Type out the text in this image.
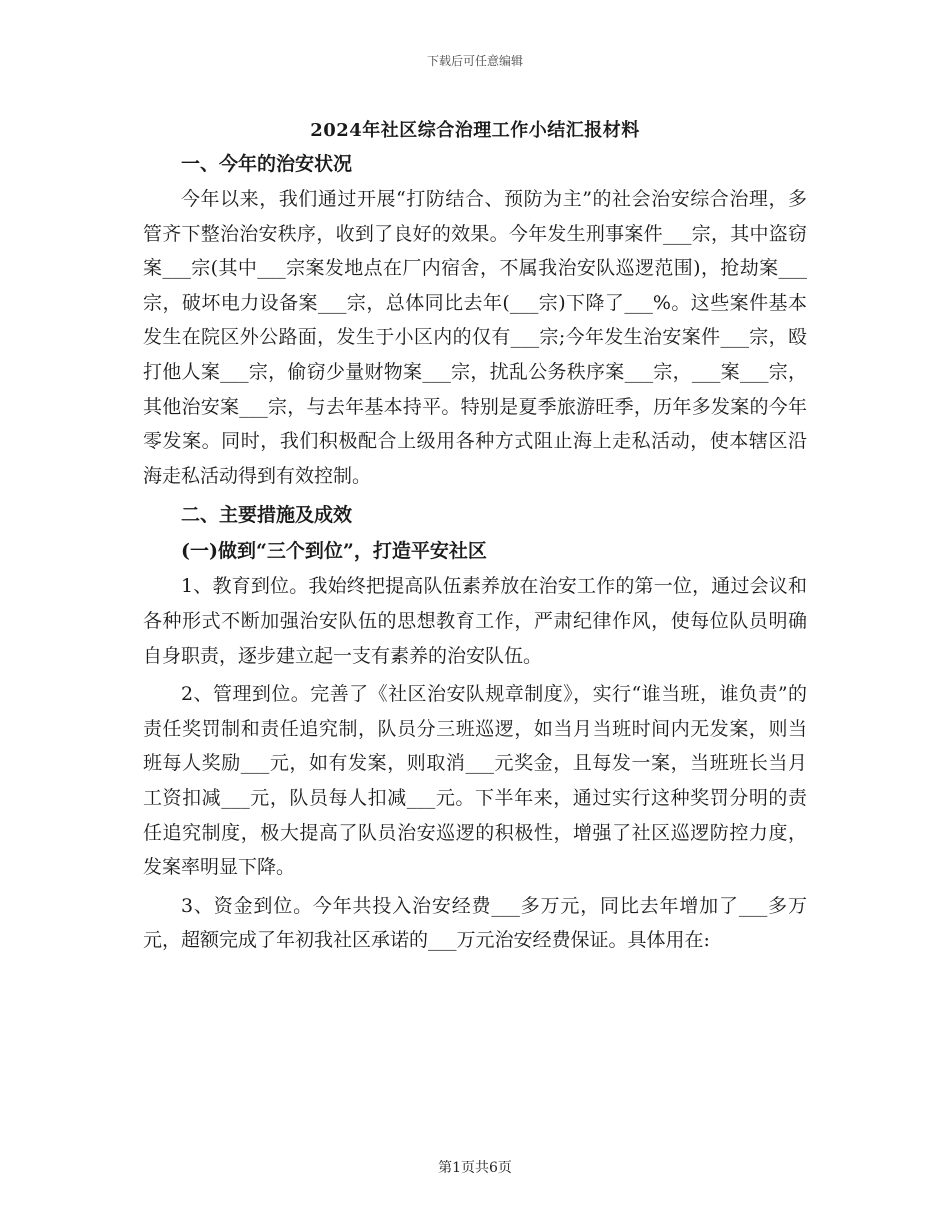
下载后可任意编辑
2024年社区综合治理工作小结汇报材料
一、今年的治安状况

今年以来，我们通过开展“打防结合、预防为主”的社会治安综合治理，多管齐下整治治安秩序，收到了良好的效果。今年发生刑事案件___宗，其中盗窃案___宗(其中___宗案发地点在厂内宿舍，不属我治安队巡逻范围)，抢劫案___宗，破坏电力设备案___宗，总体同比去年(___宗)下降了___%。这些案件基本发生在院区外公路面，发生于小区内的仅有___宗;今年发生治安案件___宗，殴打他人案___宗，偷窃少量财物案___宗，扰乱公务秩序案___宗，___案___宗，其他治安案___宗，与去年基本持平。特别是夏季旅游旺季，历年多发案的今年零发案。同时，我们积极配合上级用各种方式阻止海上走私活动，使本辖区沿海走私活动得到有效控制。

二、主要措施及成效
(一)做到“三个到位”，打造平安社区

1、教育到位。我始终把提高队伍素养放在治安工作的第一位，通过会议和各种形式不断加强治安队伍的思想教育工作，严肃纪律作风，使每位队员明确自身职责，逐步建立起一支有素养的治安队伍。

2、管理到位。完善了《社区治安队规章制度》，实行“谁当班，谁负责”的责任奖罚制和责任追究制，队员分三班巡逻，如当月当班时间内无发案，则当班每人奖励___元，如有发案，则取消___元奖金，且每发一案，当班班长当月工资扣减___元，队员每人扣减___元。下半年来，通过实行这种奖罚分明的责任追究制度，极大提高了队员治安巡逻的积极性，增强了社区巡逻防控力度，发案率明显下降。

3、资金到位。今年共投入治安经费___多万元，同比去年增加了___多万元，超额完成了年初我社区承诺的___万元治安经费保证。具体用在:

第1页共6页
